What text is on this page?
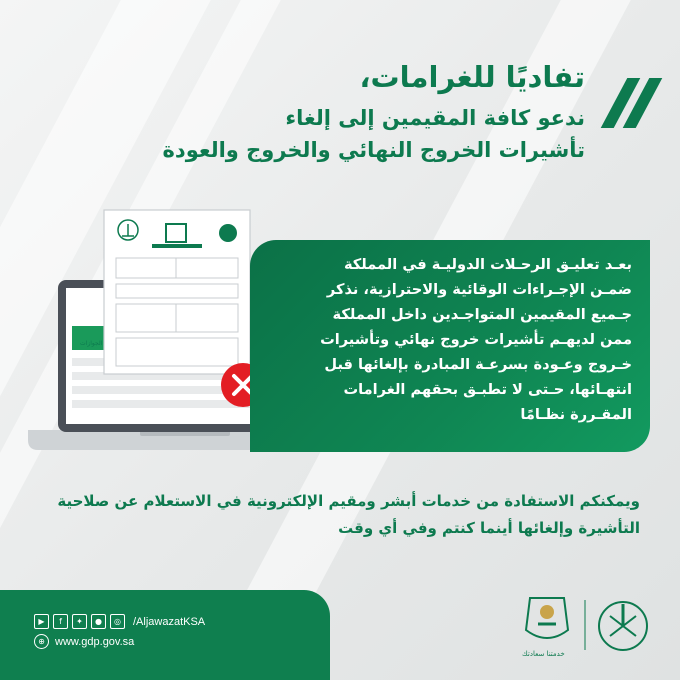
تفاديًا للغرامات،
ندعو كافة المقيمين إلى إلغاء
تأشيرات الخروج النهائي والخروج والعودة
الجوازات

بعـد تعليـق الرحـلات الدوليـة في المملكة

ضمـن الإجـراءات الوقائية والاحترازية، نذكر

جـميع المقيمين المتواجـدين داخل المملكة

ممن لديهـم تأشيرات خروج نهائي وتأشيرات

خـروج وعـودة بسرعـة المبادرة بإلغائها قبل

انتهـائها، حـتى لا تطبـق بحقهم الغرامات

المقـررة نظـامًا

ويمكنكم الاستفادة من خدمات أبشر ومقيم الإلكترونية في الاستعلام عن صلاحية

التأشيرة وإلغائها أينما كنتم وفي أي وقت

▶	f	✦	●	◎	/AljawazatKSA
⊕ www.gdp.gov.sa
خدمتنا سعادتك
